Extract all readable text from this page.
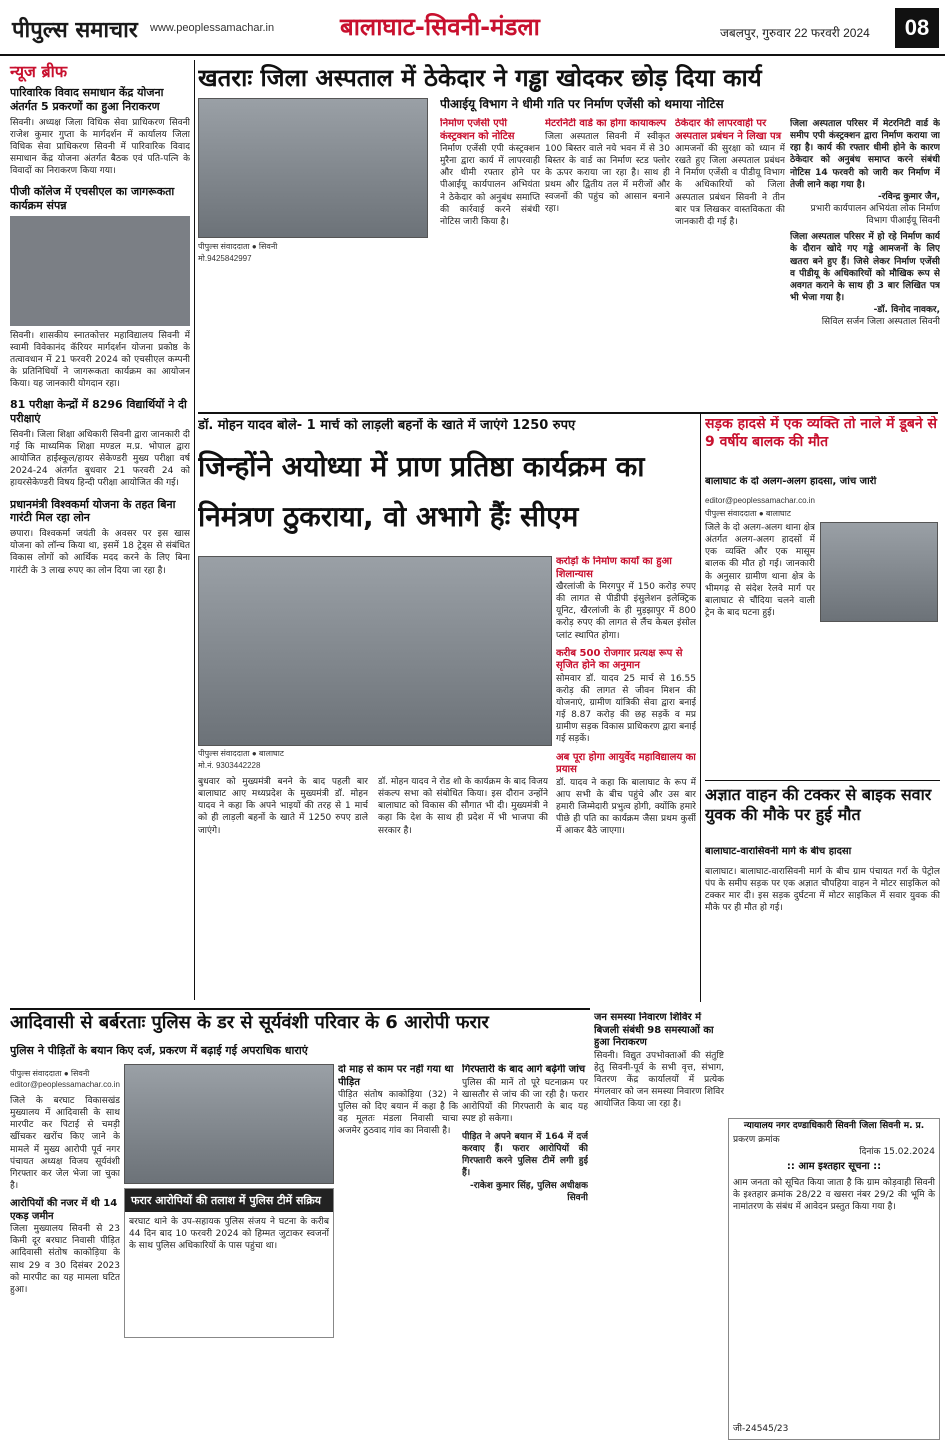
पीपुल्स समाचार www.peoplessamachar.in	बालाघाट-सिवनी-मंडला	जबलपुर, गुरुवार 22 फरवरी 2024	08
न्यूज ब्रीफ
पारिवारिक विवाद समाधान केंद्र योजना अंतर्गत 5 प्रकरणों का हुआ निराकरण
सिवनी। अध्यक्ष जिला विधिक सेवा प्राधिकरण सिवनी राजेश कुमार गुप्ता के मार्गदर्शन में कार्यालय जिला विधिक सेवा प्राधिकरण सिवनी में पारिवारिक विवाद समाधान केंद्र योजना अंतर्गत बैठक एवं पति-पत्नि के विवादों का निराकरण किया गया।
पीजी कॉलेज में एचसीएल का जागरूकता कार्यक्रम संपन्न
सिवनी। शासकीय स्नातकोत्तर महाविद्यालय सिवनी में स्वामी विवेकानंद कॅरियर मार्गदर्शन योजना प्रकोष्ठ के तत्वावधान में 21 फरवरी 2024 को एचसीएल कम्पनी के प्रतिनिधियों ने जागरूकता कार्यक्रम का आयोजन किया। यह जानकारी योगदान रहा।
81 परीक्षा केन्द्रों में 8296 विद्यार्थियों ने दी परीक्षाएं
सिवनी। जिला शिक्षा अधिकारी सिवनी द्वारा जानकारी दी गई कि माध्यमिक शिक्षा मण्डल म.प्र. भोपाल द्वारा आयोजित हाईस्कूल/हायर सेकेण्डरी मुख्य परीक्षा वर्ष 2024-24 अंतर्गत बुधवार 21 फरवरी 24 को हायरसेकेण्डरी विषय हिन्दी परीक्षा आयोजित की गई।
प्रधानमंत्री विश्वकर्मा योजना के तहत बिना गारंटी मिल रहा लोन
छपारा। विश्वकर्मा जयंती के अवसर पर इस खास योजना को लॉन्च किया था, इसमें 18 ट्रेड्स से संबंधित विकास लोगों को आर्थिक मदद करने के लिए बिना गारंटी के 3 लाख रुपए का लोन दिया जा रहा है।
खतराः जिला अस्पताल में ठेकेदार ने गड्ढा खोदकर छोड़ दिया कार्य
पीआईयू विभाग ने धीमी गति पर निर्माण एजेंसी को थमाया नोटिस
पीपुल्स संवाददाता ● सिवनी
मो.9425842997
निर्माण एजेंसी एपी कंस्ट्रक्शन को नोटिस
निर्माण एजेंसी एपी कंस्ट्रक्शन मुरैना द्वारा कार्य में लापरवाही और धीमी रफ्तार होने पर पीआईयू कार्यपालन अभियंता ने ठेकेदार को अनुबंध समाप्ति की कार्रवाई करने संबंधी नोटिस जारी किया है।
मेटरनिटी वार्ड का होगा कायाकल्प
जिला अस्पताल सिवनी में स्वीकृत 100 बिस्तर वाले नये भवन में से 30 बिस्तर के वार्ड का निर्माण स्टड फ्लोर के ऊपर कराया जा रहा है। साथ ही प्रथम और द्वितीय तल में मरीजों और स्वजनों की पहुंच को आसान बनाने रहा।
ठेकेदार की लापरवाही पर अस्पताल प्रबंधन ने लिखा पत्र
आमजनों की सुरक्षा को ध्यान में रखते हुए जिला अस्पताल प्रबंधन ने निर्माण एजेंसी व पीडीयू विभाग के अधिकारियों को जिला अस्पताल प्रबंधन सिवनी ने तीन बार पत्र लिखकर वास्तविकता की जानकारी दी गई है।
जिला अस्पताल परिसर में मेटरनिटी वार्ड के समीप एपी कंस्ट्रक्शन द्वारा निर्माण कराया जा रहा है। कार्य की रफ्तार धीमी होने के कारण ठेकेदार को अनुबंध समाप्त करने संबंधी नोटिस 14 फरवरी को जारी कर निर्माण में तेजी लाने कहा गया है।
-रविन्द्र कुमार जैन,
प्रभारी कार्यपालन अभियंता लोक निर्माण विभाग पीआईयू सिवनी
जिला अस्पताल परिसर में हो रहे निर्माण कार्य के दौरान खोदे गए गड्ढे आमजनों के लिए खतरा बने हुए हैं। जिसे लेकर निर्माण एजेंसी व पीडीयू के अधिकारियों को मौखिक रूप से अवगत कराने के साथ ही 3 बार लिखित पत्र भी भेजा गया है।
-डॉ. विनोद नावकर,
सिविल सर्जन जिला अस्पताल सिवनी
डॉ. मोहन यादव बोले- 1 मार्च को लाड़ली बहनों के खाते में जाएंगे 1250 रुपए
जिन्होंने अयोध्या में प्राण प्रतिष्ठा कार्यक्रम का निमंत्रण ठुकराया, वो अभागे हैंः सीएम
पीपुल्स संवाददाता ● बालाघाट
मो.नं. 9303442228
बुधवार को मुख्यमंत्री बनने के बाद पहली बार बालाघाट आए मध्यप्रदेश के मुख्यमंत्री डॉ. मोहन यादव ने कहा कि अपने भाइयों की तरह से 1 मार्च को ही लाड़ली बहनों के खाते में 1250 रुपए डाले जाएंगे।
डॉ. मोहन यादव ने रोड शो के कार्यक्रम के बाद विजय संकल्प सभा को संबोधित किया। इस दौरान उन्होंने बालाघाट को विकास की सौगात भी दी। मुख्यमंत्री ने कहा कि देश के साथ ही प्रदेश में भी भाजपा की सरकार है।
करोड़ों के निर्माण कार्यों का हुआ शिलान्यास
खैरलांजी के मिरगपुर में 150 करोड़ रुपए की लागत से पीडीपी इंसुलेशन इलेक्ट्रिक यूनिट, खैरलांजी के ही मुड़झापुर में 800 करोड़ रुपए की लागत से लैंच केबल इंसोल प्लांट स्थापित होगा।
करीब 500 रोजगार प्रत्यक्ष रूप से सृजित होने का अनुमान
सोमवार डॉ. यादव 25 मार्च से 16.55 करोड़ की लागत से जीवन मिशन की योजनाएं, ग्रामीण यांत्रिकी सेवा द्वारा बनाई गई 8.87 करोड़ की छह सड़कें व मप्र ग्रामीण सड़क विकास प्राधिकरण द्वारा बनाई गई सड़कें।
अब पूरा होगा आयुर्वेद महाविद्यालय का प्रयास
डॉ. यादव ने कहा कि बालाघाट के रूप में आप सभी के बीच पहुंचे और उस बार हमारी जिम्मेदारी प्रभुत्व होगी, क्योंकि हमारे पीछे ही पति का कार्यक्रम जैसा प्रथम कुर्सी में आकर बैठे जाएगा।
सड़क हादसे में एक व्यक्ति तो नाले में डूबने से 9 वर्षीय बालक की मौत
बालाघाट के दो अलग-अलग हादसा, जांच जारी
editor@peoplessamachar.co.in
पीपुल्स संवाददाता ● बालाघाट
जिले के दो अलग-अलग थाना क्षेत्र अंतर्गत अलग-अलग हादसों में एक व्यक्ति और एक मासूम बालक की मौत हो गई। जानकारी के अनुसार ग्रामीण थाना क्षेत्र के भीमगढ़ से संदेश रेलवे मार्ग पर बालाघाट से चौंदिया चलने वाली ट्रेन के बाद घटना हुई।
अज्ञात वाहन की टक्कर से बाइक सवार युवक की मौके पर हुई मौत
बालाघाट-वारासिवनी मार्ग के बीच हादसा
बालाघाट। बालाघाट-वारासिवनी मार्ग के बीच ग्राम पंचायत गर्रा के पेट्रोल पंप के समीप सड़क पर एक अज्ञात चौपहिया वाहन ने मोटर साइकिल को टक्कर मार दी। इस सड़क दुर्घटना में मोटर साइकिल में सवार युवक की मौके पर ही मौत हो गई।
आदिवासी से बर्बरताः पुलिस के डर से सूर्यवंशी परिवार के 6 आरोपी फरार
पुलिस ने पीड़ितों के बयान किए दर्ज, प्रकरण में बढ़ाई गई अपराधिक धाराएं
पीपुल्स संवाददाता ● सिवनी
editor@peoplessamachar.co.in
जिले के बरघाट विकासखंड मुख्यालय में आदिवासी के साथ मारपीट कर पिटाई से चमड़ी खींचकर खरोंच किए जाने के मामले में मुख्य आरोपी पूर्व नगर पंचायत अध्यक्ष विजय सूर्यवंशी गिरफ्तार कर जेल भेजा जा चुका है।
आरोपियों की नजर में थी 14 एकड़ जमीन
जिला मुख्यालय सिवनी से 23 किमी दूर बरघाट निवासी पीड़ित आदिवासी संतोष काकोड़िया के साथ 29 व 30 दिसंबर 2023 को मारपीट का यह मामला घटित हुआ।
फरार आरोपियों की तलाश में पुलिस टीमें सक्रिय
बरघाट थाने के उप-सहायक पुलिस संजय ने घटना के करीब 44 दिन बाद 10 फरवरी 2024 को हिम्मत जुटाकर स्वजनों के साथ पुलिस अधिकारियों के पास पहुंचा था।
दो माह से काम पर नहीं गया था पीड़ित
पीड़ित संतोष काकोड़िया (32) ने पुलिस को दिए बयान में कहा है कि वह मूलतः मंडला निवासी चाचा अजमेर ठुठवाद गांव का निवासी है।
गिरफ्तारी के बाद आगे बढ़ेगी जांच
पुलिस की मानें तो पूरे घटनाक्रम पर खासतौर से जांच की जा रही है। फरार आरोपियों की गिरफ्तारी के बाद यह स्पष्ट हो सकेगा।
पीड़ित ने अपने बयान में 164 में दर्ज करवाए हैं। फरार आरोपियों की गिरफ्तारी करने पुलिस टीमें लगी हुई हैं।
-राकेश कुमार सिंह, पुलिस अधीक्षक सिवनी
जन समस्या निवारण शिविर में बिजली संबंधी 98 समस्याओं का हुआ निराकरण
सिवनी। विद्युत उपभोक्ताओं की संतुष्टि हेतु सिवनी-पूर्व के सभी वृत्त, संभाग, वितरण केंद्र कार्यालयों में प्रत्येक मंगलवार को जन समस्या निवारण शिविर आयोजित किया जा रहा है।
न्यायालय नगर दण्डाधिकारी सिवनी जिला सिवनी म. प्र.
प्रकरण क्रमांक
दिनांक 15.02.2024
:: आम इश्तहार सूचना ::
आम जनता को सूचित किया जाता है कि ग्राम कोड़वाही सिवनी के इश्तहार क्रमांक 28/22 व खसरा नंबर 29/2 की भूमि के नामांतरण के संबंध में आवेदन प्रस्तुत किया गया है।
जी-24545/23
